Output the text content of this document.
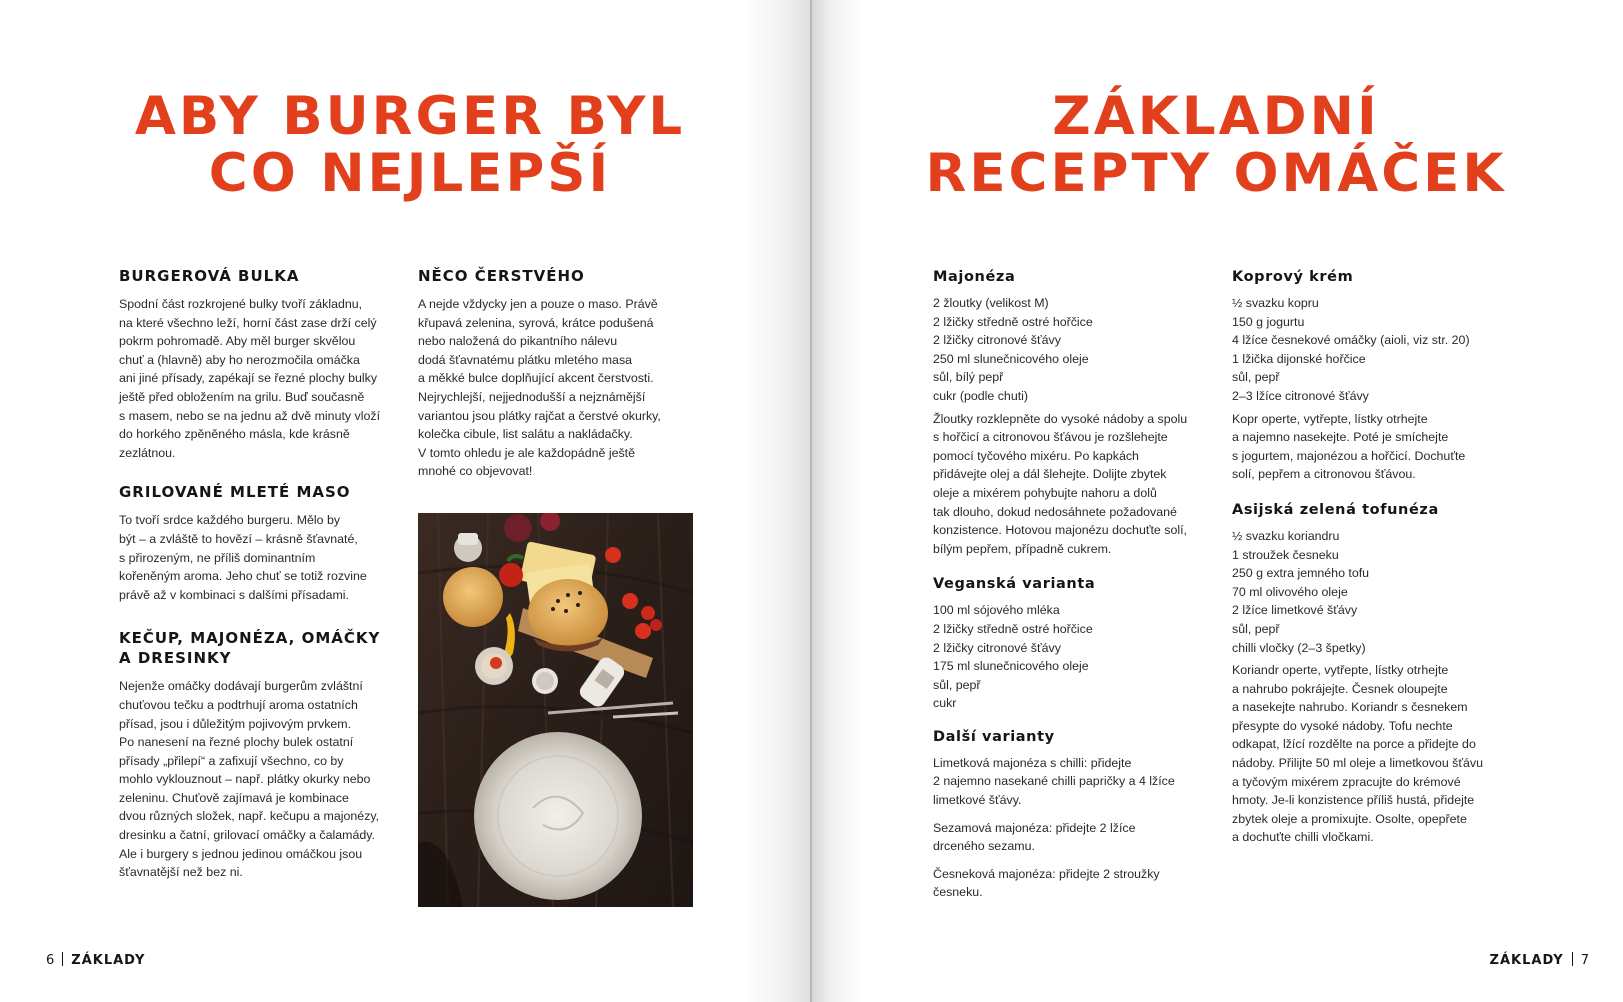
ABY BURGER BYL
CO NEJLEPŠÍ
BURGEROVÁ BULKA

Spodní část rozkrojené bulky tvoří základnu,
na které všechno leží, horní část zase drží celý
pokrm pohromadě. Aby měl burger skvělou
chuť a (hlavně) aby ho nerozmočila omáčka
ani jiné přísady, zapékají se řezné plochy bulky
ještě před obložením na grilu. Buď současně
s masem, nebo se na jednu až dvě minuty vloží
do horkého zpěněného másla, kde krásně
zezlátnou.

GRILOVANÉ MLETÉ MASO

To tvoří srdce každého burgeru. Mělo by
být – a zvláště to hovězí – krásně šťavnaté,
s přirozeným, ne příliš dominantním
kořeněným aroma. Jeho chuť se totiž rozvine
právě až v kombinaci s dalšími přísadami.

KEČUP, MAJONÉZA, OMÁČKY
A DRESINKY

Nejenže omáčky dodávají burgerům zvláštní
chuťovou tečku a podtrhují aroma ostatních
přísad, jsou i důležitým pojivovým prvkem.
Po nanesení na řezné plochy bulek ostatní
přísady „přilepí“ a zafixují všechno, co by
mohlo vyklouznout – např. plátky okurky nebo
zeleninu. Chuťově zajímavá je kombinace
dvou různých složek, např. kečupu a majonézy,
dresinku a čatní, grilovací omáčky a čalamády.
Ale i burgery s jednou jedinou omáčkou jsou
šťavnatější než bez ni.

NĚCO ČERSTVÉHO

A nejde vždycky jen a pouze o maso. Právě
křupavá zelenina, syrová, krátce podušená
nebo naložená do pikantního nálevu
dodá šťavnatému plátku mletého masa
a měkké bulce doplňující akcent čerstvosti.
Nejrychlejší, nejjednodušší a nejznámější
variantou jsou plátky rajčat a čerstvé okurky,
kolečka cibule, list salátu a nakládačky.
V tomto ohledu je ale každopádně ještě
mnohé co objevovat!

6 ZÁKLADY
ZÁKLADNÍ
RECEPTY OMÁČEK
Majonéza

2 žloutky (velikost M)
2 lžičky středně ostré hořčice
2 lžičky citronové šťávy
250 ml slunečnicového oleje
sůl, bílý pepř
cukr (podle chuti)

Žloutky rozklepněte do vysoké nádoby a spolu
s hořčicí a citronovou šťávou je rozšlehejte
pomocí tyčového mixéru. Po kapkách
přidávejte olej a dál šlehejte. Dolijte zbytek
oleje a mixérem pohybujte nahoru a dolů
tak dlouho, dokud nedosáhnete požadované
konzistence. Hotovou majonézu dochuťte solí,
bílým pepřem, případně cukrem.

Veganská varianta

100 ml sójového mléka
2 lžičky středně ostré hořčice
2 lžičky citronové šťávy
175 ml slunečnicového oleje
sůl, pepř
cukr

Další varianty

Limetková majonéza s chilli: přidejte
2 najemno nasekané chilli papričky a 4 lžíce
limetkové šťávy.

Sezamová majonéza: přidejte 2 lžíce
drceného sezamu.

Česneková majonéza: přidejte 2 stroužky
česneku.

Koprový krém

½ svazku kopru
150 g jogurtu
4 lžíce česnekové omáčky (aioli, viz str. 20)
1 lžička dijonské hořčice
sůl, pepř
2–3 lžíce citronové šťávy

Kopr operte, vytřepte, lístky otrhejte
a najemno nasekejte. Poté je smíchejte
s jogurtem, majonézou a hořčicí. Dochuťte
solí, pepřem a citronovou šťávou.

Asijská zelená tofunéza

½ svazku koriandru
1 stroužek česneku
250 g extra jemného tofu
70 ml olivového oleje
2 lžíce limetkové šťávy
sůl, pepř
chilli vločky (2–3 špetky)

Koriandr operte, vytřepte, lístky otrhejte
a nahrubo pokrájejte. Česnek oloupejte
a nasekejte nahrubo. Koriandr s česnekem
přesypte do vysoké nádoby. Tofu nechte
odkapat, lžící rozdělte na porce a přidejte do
nádoby. Přilijte 50 ml oleje a limetkovou šťávu
a tyčovým mixérem zpracujte do krémové
hmoty. Je-li konzistence příliš hustá, přidejte
zbytek oleje a promixujte. Osolte, opepřete
a dochuťte chilli vločkami.

ZÁKLADY 7
